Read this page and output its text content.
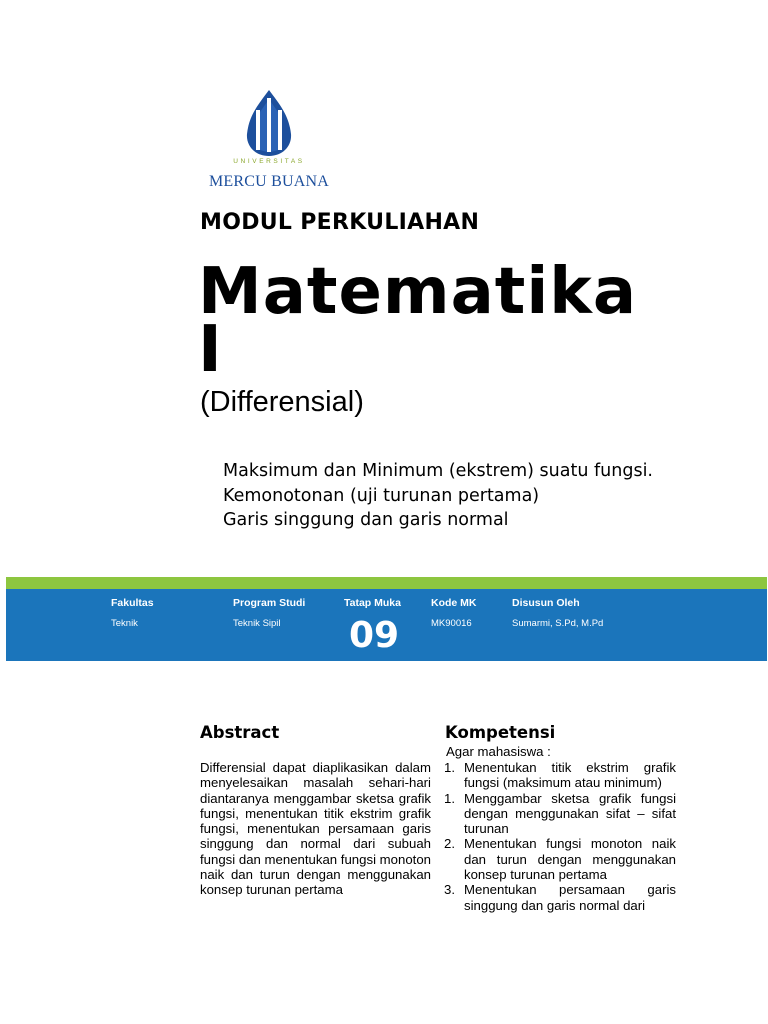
UNIVERSITAS
MERCU BUANA
MODUL PERKULIAHAN
Matematika I
(Differensial)
Maksimum dan Minimum (ekstrem) suatu fungsi.
Kemonotonan (uji turunan pertama)
Garis singgung dan garis normal
Fakultas
Teknik
Program Studi
Teknik Sipil
Tatap Muka
09
Kode MK
MK90016
Disusun Oleh
Sumarmi, S.Pd, M.Pd
Abstract

Differensial dapat diaplikasikan dalam menyelesaikan masalah sehari-hari diantaranya menggambar sketsa grafik fungsi, menentukan titik ekstrim grafik fungsi, menentukan persamaan garis singgung dan normal dari subuah fungsi dan menentukan fungsi monoton naik dan turun dengan menggunakan konsep turunan pertama

Kompetensi
Agar mahasiswa :
1. Menentukan titik ekstrim grafik fungsi (maksimum atau minimum)
1. Menggambar sketsa grafik fungsi dengan menggunakan sifat – sifat turunan
2. Menentukan fungsi monoton naik dan turun dengan menggunakan konsep turunan pertama
3. Menentukan persamaan garis singgung dan garis normal dari
